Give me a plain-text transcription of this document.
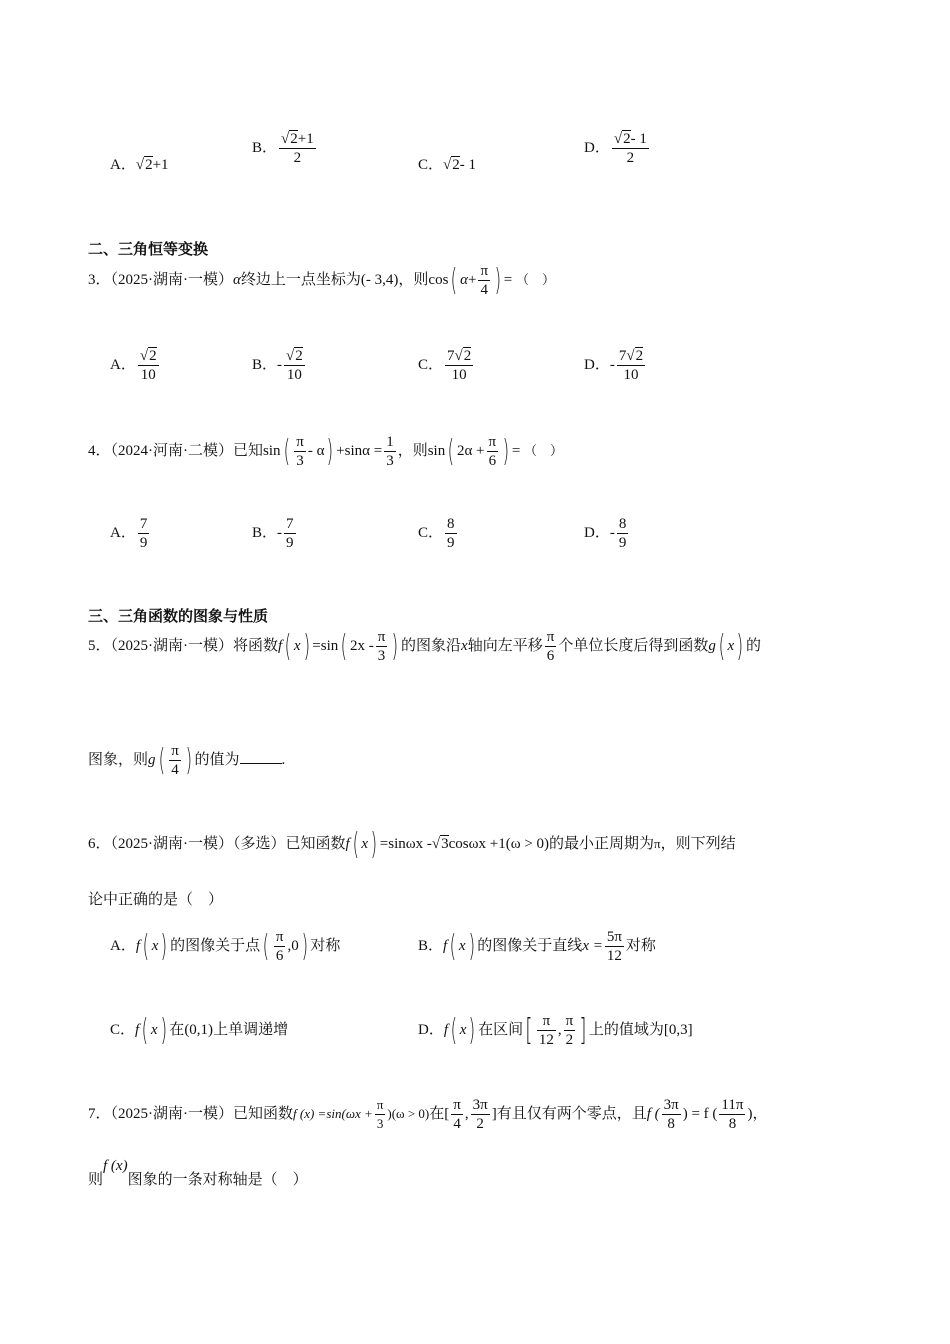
A．√2+1
B． $\frac{√2+1}{2}$	C．√2- 1
D． $\frac{√2- 1}{2}$
二、三角恒等变换
3．（2025·湖南·一模）α终边上一点坐标为(- 3,4)，则cos( $\alpha+ \frac{\pi}{4}$ ) = （　）
A． $\frac{√2}{10}$	B．- $\frac{√2}{10}$	C． $\frac{7√2}{10}$	D．- $\frac{7√2}{10}$
4．（2024·河南·二模）已知$\sin( \frac{\pi}{3} - \alpha) +\sin\alpha = \frac{1}{3}$ ，则sin( $2\alpha + \frac{\pi}{6}$ ) = （　）
A． $\frac{7}{9}$	B．- $\frac{7}{9}$	C． $\frac{8}{9}$	D．- $\frac{8}{9}$
三、三角函数的图象与性质
5．（2025·湖南·一模）将函数f( x) =sin( $2x - \frac{\pi}{3}$ ) 的图象沿x轴向左平移 $\frac{\pi}{6}$ 个单位长度后得到函数g( x) 的
图象，则$g( \frac{\pi}{4}$ ) 的值为	.
6．（2025·湖南·一模）（多选）已知函数f( x) =sinωx -√3cosωx +1(ω > 0)的最小正周期为π，则下列结
论中正确的是（　）
A．f( x) 的图像关于点( $\frac{\pi}{6} ,0$) 对称	B．f( x) 的图像关于直线$x = \frac{5\pi}{12}$ 对称
C．f( x) 在(0,1)上单调递增	D．f( x) 在区间[ $\frac{\pi}{12}$ , $\frac{\pi}{2}$ ] 上的值域为[0,3]
7．（2025·湖南·一模）已知函数f $(x) =\sin(\omega x + \frac{\pi}{3} )(\omega > 0)$在[ $\frac{\pi}{4}$ , $\frac{3\pi}{2}$ ]有且仅有两个零点，且f ( $\frac{3\pi}{8}$ ) = f ( $\frac{11\pi}{8}$ )，
则f (x)图象的一条对称轴是（　）
